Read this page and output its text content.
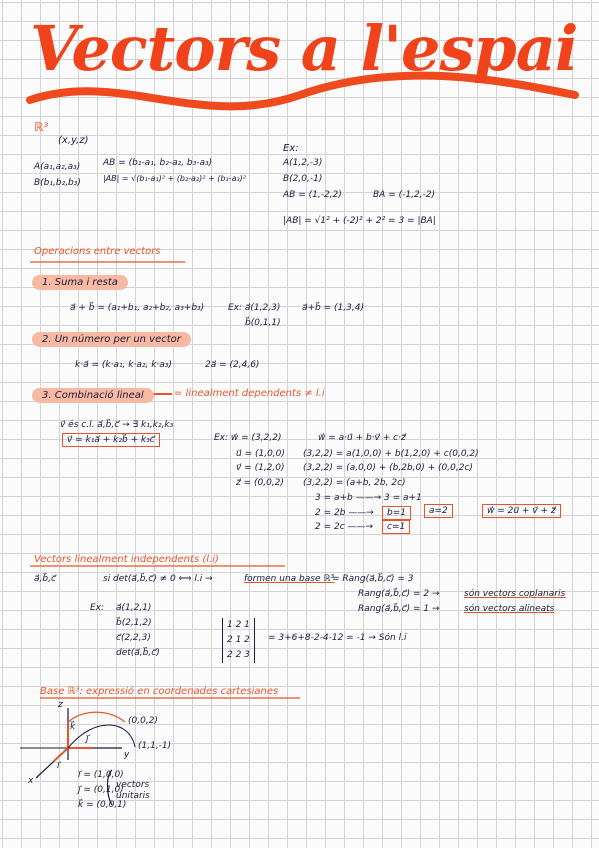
Vectors a l'espai
ℝ³
(x,y,z)
A(a₁,a₂,a₃)
B(b₁,b₂,b₃)
AB = (b₁-a₁, b₂-a₂, b₃-a₃)
|AB| = √(b₁-a₁)² + (b₂-a₂)² + (b₃-a₃)²
Ex:
A(1,2,-3)
B(2,0,-1)
AB = (1,-2,2)	BA = (-1,2,-2)
|AB| = √1² + (-2)² + 2² = 3 = |BA|
Operacions entre vectors
1. Suma i resta
a⃗ + b⃗ = (a₁+b₁, a₂+b₂, a₃+b₃)	Ex: a⃗(1,2,3)
b⃗(0,1,1)
a⃗+b⃗ = (1,3,4)
2. Un número per un vector
k·a⃗ = (k·a₁, k·a₂, k·a₃)	2a⃗ = (2,4,6)
3. Combinació lineal	= linealment dependents ≠ l.i
v⃗ és c.l. a⃗,b⃗,c⃗ → ∃ k₁,k₂,k₃
v⃗ = k₁a⃗ + k₂b⃗ + k₃c⃗	Ex: w⃗ = (3,2,2)
u⃗ = (1,0,0)
v⃗ = (1,2,0)
z⃗ = (0,0,2)
w⃗ = a·u⃗ + b·v⃗ + c·z⃗
(3,2,2) = a(1,0,0) + b(1,2,0) + c(0,0,2)
(3,2,2) = (a,0,0) + (b,2b,0) + (0,0,2c)
(3,2,2) = (a+b, 2b, 2c)
3 = a+b ——→ 3 = a+1
2 = 2b ——→
2 = 2c ——→
b=1
c=1
a=2	w⃗ = 2u⃗ + v⃗ + z⃗
Vectors linealment independents (l.i)
a⃗,b⃗,c⃗	si det(a⃗,b⃗,c⃗) ≠ 0 ⟺ l.i →	formen una base ℝ³
= Rang(a⃗,b⃗,c⃗) = 3
Rang(a⃗,b⃗,c⃗) = 2 →	són vectors coplanaris
Rang(a⃗,b⃗,c⃗) = 1 →	són vectors alineats
Ex: a⃗(1,2,1)
b⃗(2,1,2)
c⃗(2,2,3)
det(a⃗,b⃗,c⃗)
1 2 1
2 1 2
2 2 3
= 3+6+8-2-4-12 = -1 → Són l.i
Base ℝ³: expressió en coordenades cartesianes
z
y
x
i⃗
j⃗
k⃗
(0,0,2)
(1,1,-1)
i⃗ = (1,0,0)
j⃗ = (0,1,0)
k⃗ = (0,0,1)
vectors unitaris
